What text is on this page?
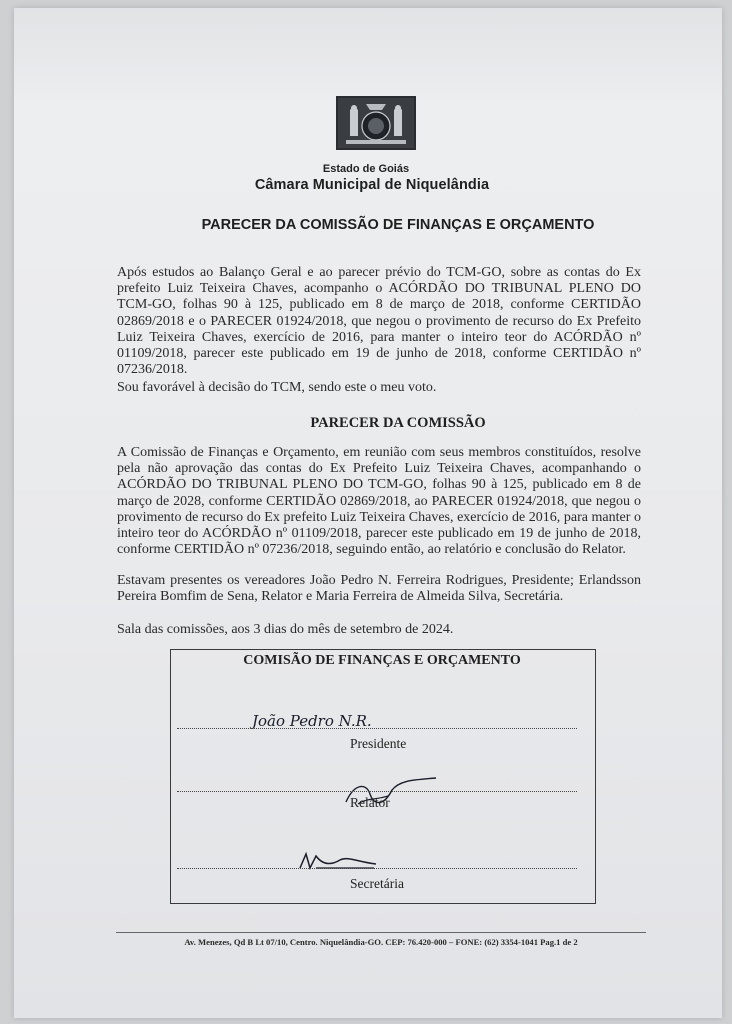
Estado de Goiás
Câmara Municipal de Niquelândia
PARECER DA COMISSÃO DE FINANÇAS E ORÇAMENTO
Após estudos ao Balanço Geral e ao parecer prévio do TCM-GO, sobre as contas do Ex prefeito Luiz Teixeira Chaves, acompanho o ACÓRDÃO DO TRIBUNAL PLENO DO TCM-GO, folhas 90 à 125, publicado em 8 de março de 2018, conforme CERTIDÃO 02869/2018 e o PARECER 01924/2018, que negou o provimento de recurso do Ex Prefeito Luiz Teixeira Chaves, exercício de 2016, para manter o inteiro teor do ACÓRDÃO nº 01109/2018, parecer este publicado em 19 de junho de 2018, conforme CERTIDÃO nº 07236/2018.
Sou favorável à decisão do TCM, sendo este o meu voto.
PARECER DA COMISSÃO
A Comissão de Finanças e Orçamento, em reunião com seus membros constituídos, resolve pela não aprovação das contas do Ex Prefeito Luiz Teixeira Chaves, acompanhando o ACÓRDÃO DO TRIBUNAL PLENO DO TCM-GO, folhas 90 à 125, publicado em 8 de março de 2028, conforme CERTIDÃO 02869/2018, ao PARECER 01924/2018, que negou o provimento de recurso do Ex prefeito Luiz Teixeira Chaves, exercício de 2016, para manter o inteiro teor do ACÓRDÃO nº 01109/2018, parecer este publicado em 19 de junho de 2018, conforme CERTIDÃO nº 07236/2018, seguindo então, ao relatório e conclusão do Relator.
Estavam presentes os vereadores João Pedro N. Ferreira Rodrigues, Presidente; Erlandsson Pereira Bomfim de Sena, Relator e Maria Ferreira de Almeida Silva, Secretária.
Sala das comissões, aos 3 dias do mês de setembro de 2024.
COMISÃO DE FINANÇAS E ORÇAMENTO
João Pedro N.R.
Presidente
Relator
Secretária
Av. Menezes, Qd B Lt 07/10, Centro. Niquelândia-GO. CEP: 76.420-000 – FONE: (62) 3354-1041 Pag.1 de 2
